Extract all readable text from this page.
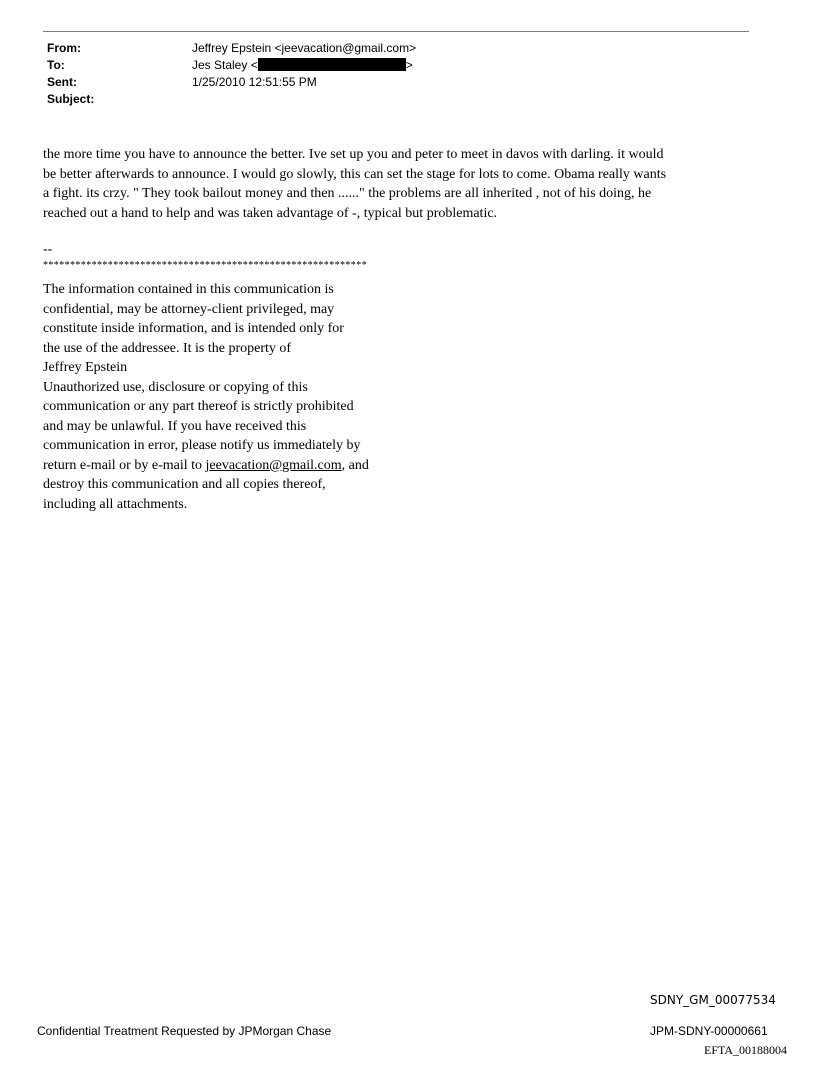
From:	Jeffrey Epstein <jeevacation@gmail.com>
To:	Jes Staley <	>
Sent:	1/25/2010 12:51:55 PM
Subject:

the more time you have to announce the better. Ive set up you and peter to meet in davos with darling. it would

be better afterwards to announce. I would go slowly, this can set the stage for lots to come. Obama really wants

a fight. its crzy. " They took bailout money and then ......" the problems are all inherited , not of his doing, he

reached out a hand to help and was taken advantage of -, typical but problematic.

--
************************************************************
The information contained in this communication is
confidential, may be attorney-client privileged, may
constitute inside information, and is intended only for
the use of the addressee. It is the property of
Jeffrey Epstein
Unauthorized use, disclosure or copying of this
communication or any part thereof is strictly prohibited
and may be unlawful. If you have received this
communication in error, please notify us immediately by
return e-mail or by e-mail to jeevacation@gmail.com, and
destroy this communication and all copies thereof,
including all attachments.
SDNY_GM_00077534
Confidential Treatment Requested by JPMorgan Chase	JPM-SDNY-00000661
EFTA_00188004
